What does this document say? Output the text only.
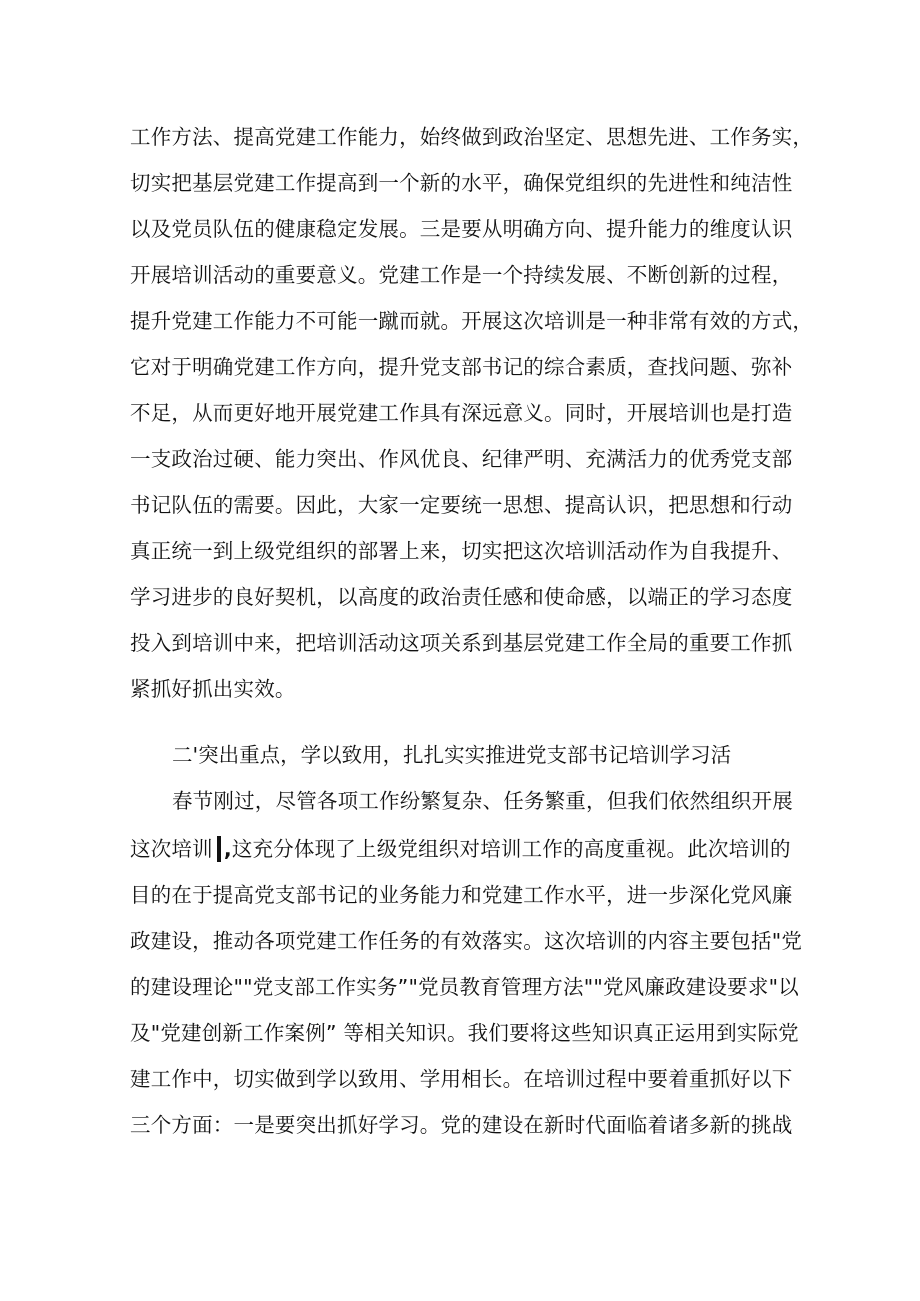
工作方法、提高党建工作能力，始终做到政治坚定、思想先进、工作务实，
切实把基层党建工作提高到一个新的水平，确保党组织的先进性和纯洁性
以及党员队伍的健康稳定发展。三是要从明确方向、提升能力的维度认识
开展培训活动的重要意义。党建工作是一个持续发展、不断创新的过程，
提升党建工作能力不可能一蹴而就。开展这次培训是一种非常有效的方式，
它对于明确党建工作方向，提升党支部书记的综合素质，查找问题、弥补
不足，从而更好地开展党建工作具有深远意义。同时，开展培训也是打造
一支政治过硬、能力突出、作风优良、纪律严明、充满活力的优秀党支部
书记队伍的需要。因此，大家一定要统一思想、提高认识，把思想和行动
真正统一到上级党组织的部署上来，切实把这次培训活动作为自我提升、
学习进步的良好契机，以高度的政治责任感和使命感，以端正的学习态度
投入到培训中来，把培训活动这项关系到基层党建工作全局的重要工作抓
紧抓好抓出实效。
二'突出重点，学以致用，扎扎实实推进党支部书记培训学习活
春节刚过，尽管各项工作纷繁复杂、任务繁重，但我们依然组织开展
这次培训 ,这充分体现了上级党组织对培训工作的高度重视。此次培训的
目的在于提高党支部书记的业务能力和党建工作水平，进一步深化党风廉
政建设，推动各项党建工作任务的有效落实。这次培训的内容主要包括"党
的建设理论""党支部工作实务”"党员教育管理方法""党风廉政建设要求"以
及"党建创新工作案例” 等相关知识。我们要将这些知识真正运用到实际党
建工作中，切实做到学以致用、学用相长。在培训过程中要着重抓好以下
三个方面：一是要突出抓好学习。党的建设在新时代面临着诸多新的挑战
